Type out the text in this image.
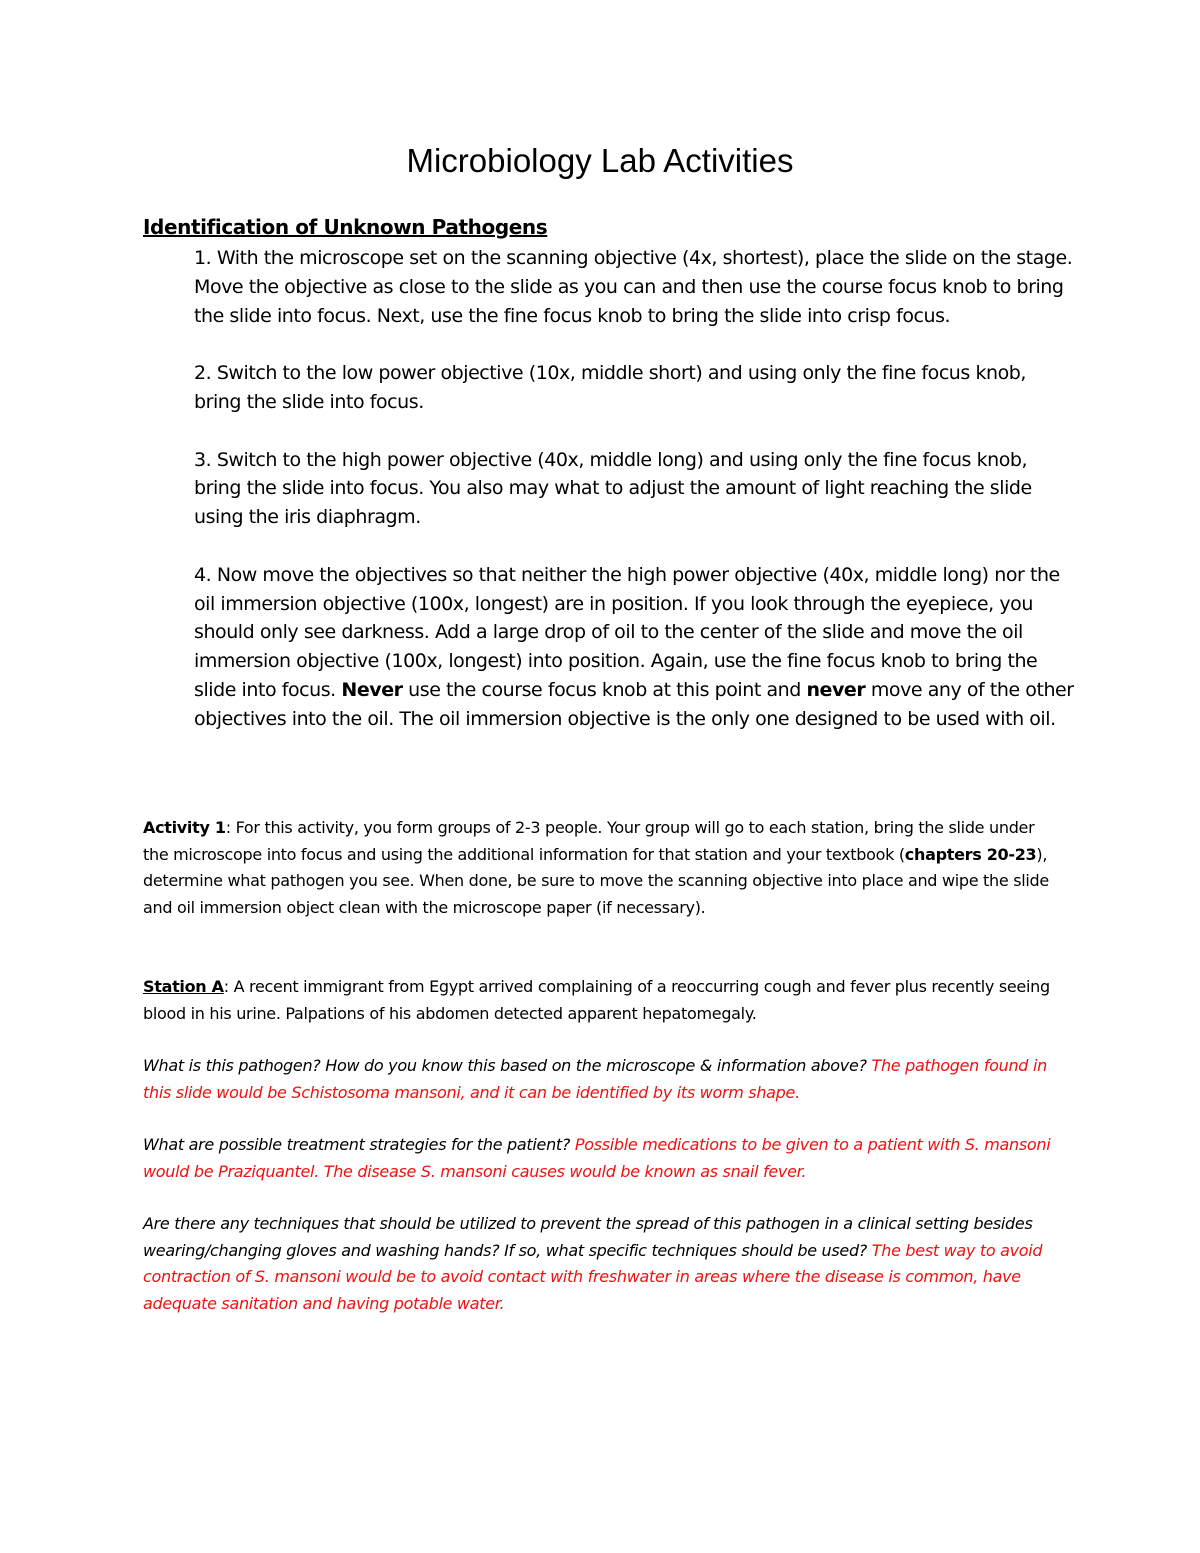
Microbiology Lab Activities
Identification of Unknown Pathogens

1. With the microscope set on the scanning objective (4x, shortest), place the slide on the stage. Move the objective as close to the slide as you can and then use the course focus knob to bring the slide into focus. Next, use the fine focus knob to bring the slide into crisp focus.

2. Switch to the low power objective (10x, middle short) and using only the fine focus knob, bring the slide into focus.

3. Switch to the high power objective (40x, middle long) and using only the fine focus knob, bring the slide into focus. You also may what to adjust the amount of light reaching the slide using the iris diaphragm.

4. Now move the objectives so that neither the high power objective (40x, middle long) nor the oil immersion objective (100x, longest) are in position. If you look through the eyepiece, you should only see darkness. Add a large drop of oil to the center of the slide and move the oil immersion objective (100x, longest) into position. Again, use the fine focus knob to bring the slide into focus. Never use the course focus knob at this point and never move any of the other objectives into the oil. The oil immersion objective is the only one designed to be used with oil.

Activity 1: For this activity, you form groups of 2-3 people. Your group will go to each station, bring the slide under the microscope into focus and using the additional information for that station and your textbook (chapters 20-23), determine what pathogen you see. When done, be sure to move the scanning objective into place and wipe the slide and oil immersion object clean with the microscope paper (if necessary).

Station A: A recent immigrant from Egypt arrived complaining of a reoccurring cough and fever plus recently seeing blood in his urine. Palpations of his abdomen detected apparent hepatomegaly.

What is this pathogen? How do you know this based on the microscope & information above? The pathogen found in this slide would be Schistosoma mansoni, and it can be identified by its worm shape.

What are possible treatment strategies for the patient? Possible medications to be given to a patient with S. mansoni would be Praziquantel. The disease S. mansoni causes would be known as snail fever.

Are there any techniques that should be utilized to prevent the spread of this pathogen in a clinical setting besides wearing/changing gloves and washing hands? If so, what specific techniques should be used? The best way to avoid contraction of S. mansoni would be to avoid contact with freshwater in areas where the disease is common, have adequate sanitation and having potable water.
